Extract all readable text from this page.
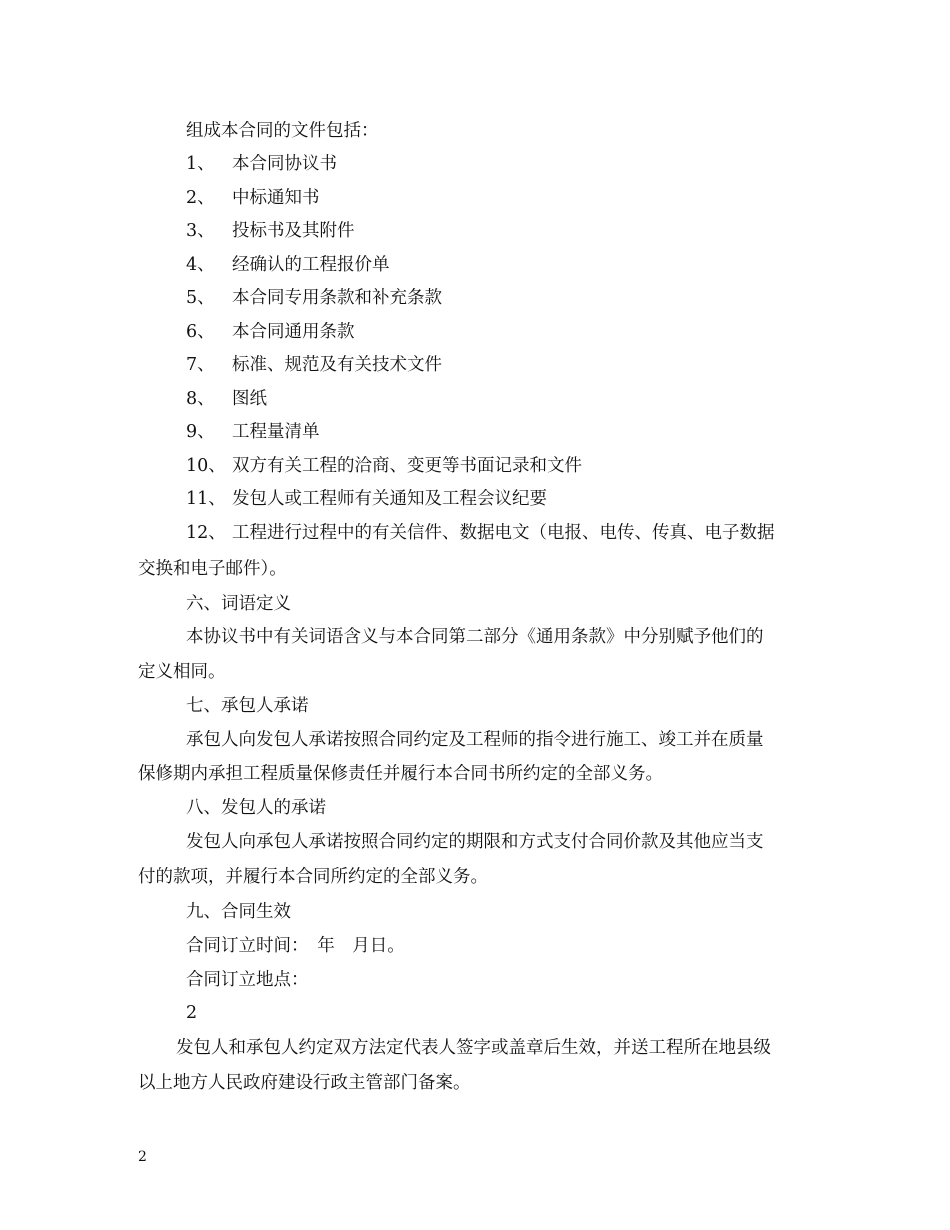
组成本合同的文件包括：
1、 本合同协议书
2、 中标通知书
3、 投标书及其附件
4、 经确认的工程报价单
5、 本合同专用条款和补充条款
6、 本合同通用条款
7、 标准、规范及有关技术文件
8、 图纸
9、 工程量清单
10、 双方有关工程的洽商、变更等书面记录和文件
11、 发包人或工程师有关通知及工程会议纪要
12、 工程进行过程中的有关信件、数据电文（电报、电传、传真、电子数据
交换和电子邮件）。
六、词语定义
本协议书中有关词语含义与本合同第二部分《通用条款》中分别赋予他们的
定义相同。
七、承包人承诺
承包人向发包人承诺按照合同约定及工程师的指令进行施工、竣工并在质量
保修期内承担工程质量保修责任并履行本合同书所约定的全部义务。
八、发包人的承诺
发包人向承包人承诺按照合同约定的期限和方式支付合同价款及其他应当支
付的款项，并履行本合同所约定的全部义务。
九、合同生效
合同订立时间：　年　月日。
合同订立地点：
2
发包人和承包人约定双方法定代表人签字或盖章后生效，并送工程所在地县级
以上地方人民政府建设行政主管部门备案。
2
